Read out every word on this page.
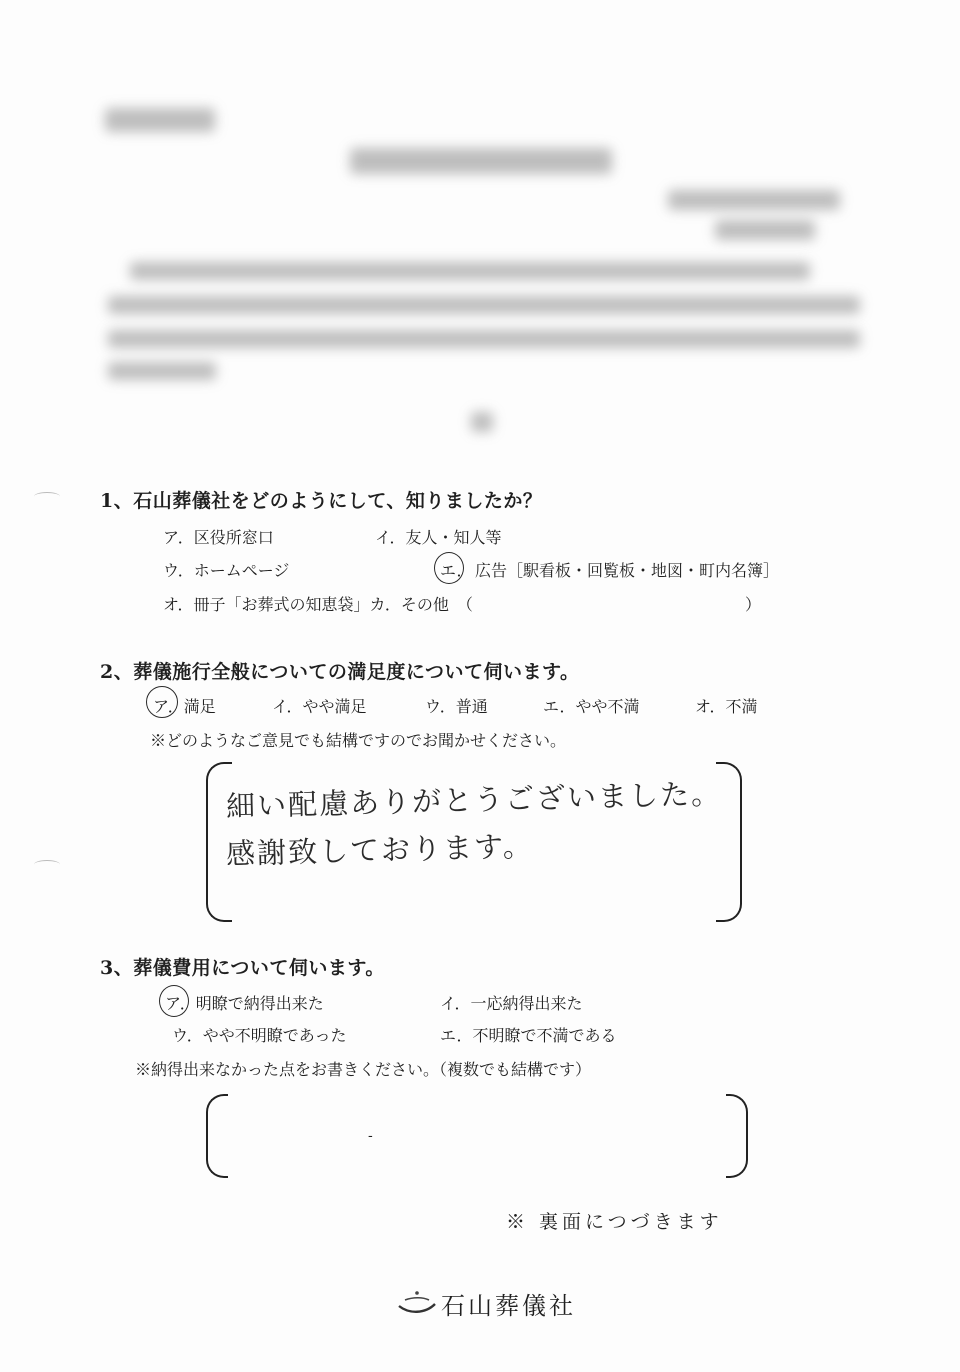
1、石山葬儀社をどのようにして、知りましたか？
ア．区役所窓口	イ．友人・知人等
ウ．ホームページ	エ． 広告［駅看板・回覧板・地図・町内名簿］
オ．冊子「お葬式の知恵袋」カ．その他　（	）
2、葬儀施行全般についての満足度について伺います。
ア．満足	イ．やや満足	ウ．普通	エ．やや不満	オ．不満
※どのようなご意見でも結構ですのでお聞かせください。
細い配慮ありがとうございました。
感謝致しております。
3、葬儀費用について伺います。
ア．明瞭で納得出来た	イ．一応納得出来た
ウ．やや不明瞭であった	エ．不明瞭で不満である
※納得出来なかった点をお書きください。（複数でも結構です）
-
※ 裏面につづきます
石山葬儀社
